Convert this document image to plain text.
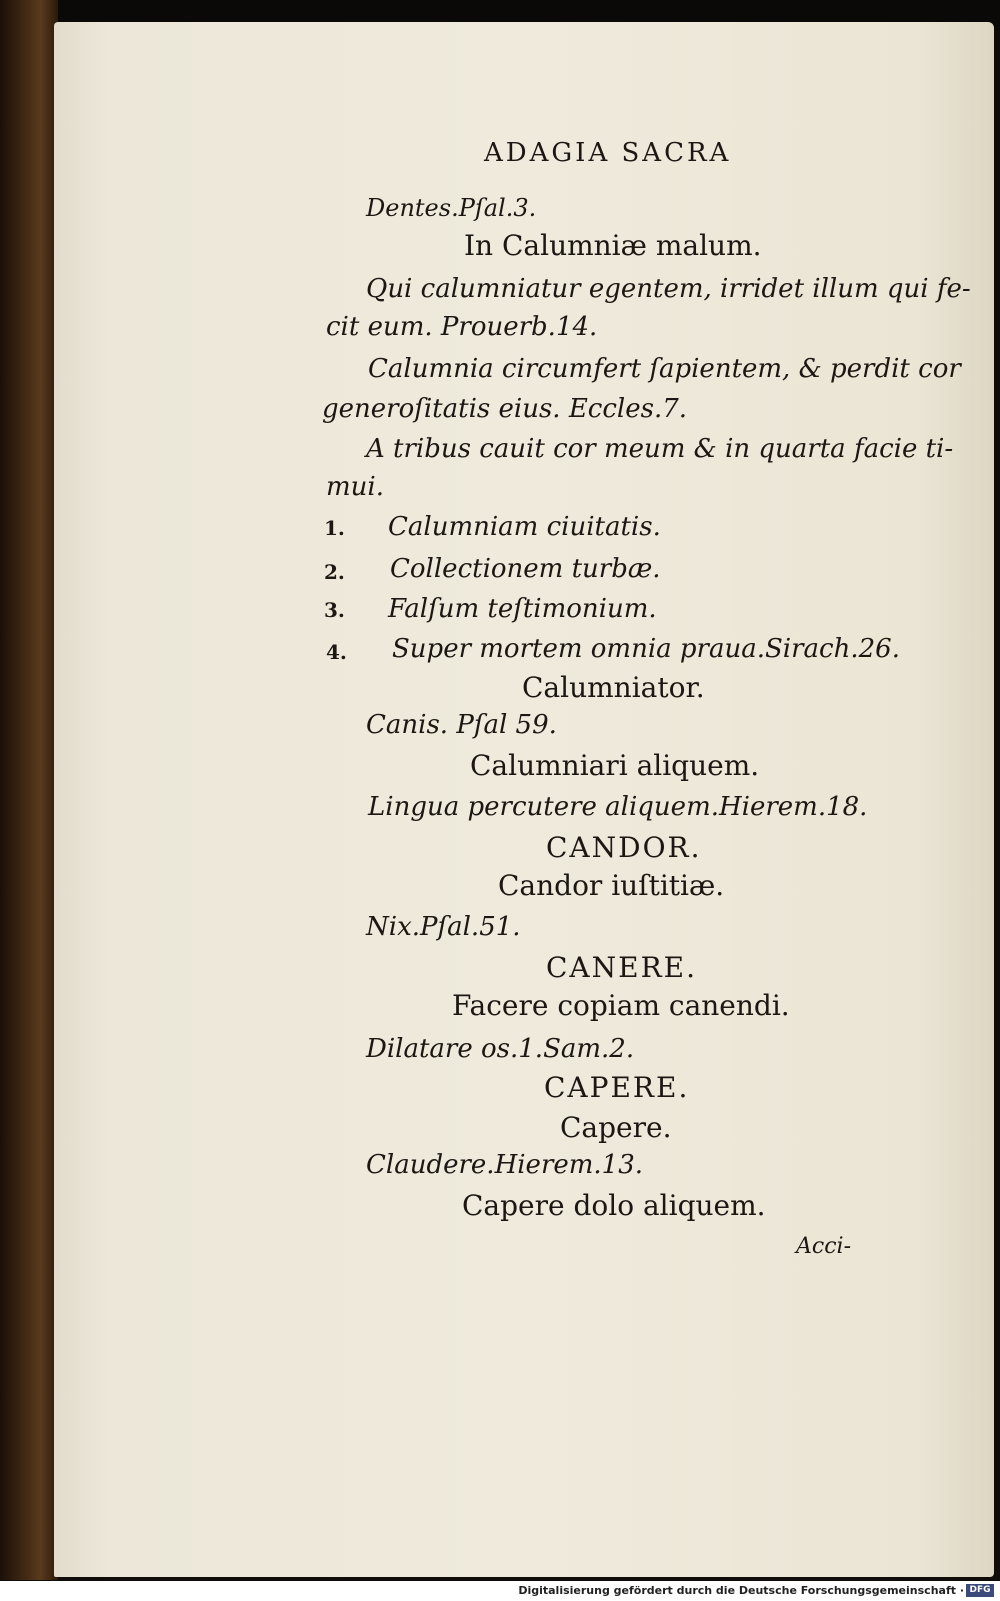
ADAGIA SACRA
Dentes.Pſal.3.
In Calumniæ malum.
Qui calumniatur egentem, irridet illum qui fe-
cit eum. Prouerb.14.
Calumnia circumfert ſapientem, & perdit cor
generoſitatis eius. Eccles.7.
A tribus cauit cor meum & in quarta facie ti-
mui.
1. Calumniam ciuitatis.
2. Collectionem turbæ.
3. Falſum teſtimonium.
4. Super mortem omnia praua.Sirach.26.
Calumniator.
Canis. Pſal 59.
Calumniari aliquem.
Lingua percutere aliquem.Hierem.18.
CANDOR.
Candor iuſtitiæ.
Nix.Pſal.51.
CANERE.
Facere copiam canendi.
Dilatare os.1.Sam.2.
CAPERE.
Capere.
Claudere.Hierem.13.
Capere dolo aliquem.
Acci-
Digitalisierung gefördert durch die Deutsche Forschungsgemeinschaft · DFG
